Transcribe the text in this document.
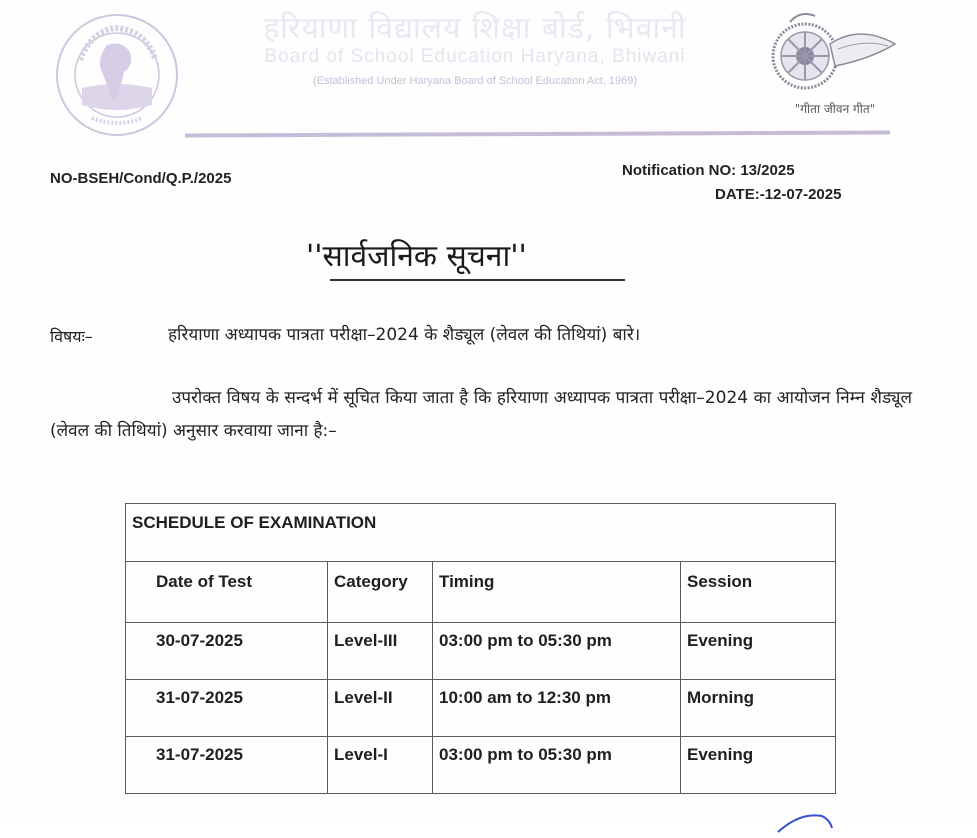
हरियाणा विद्यालय शिक्षा बोर्ड, भिवानी
Board of School Education Haryana, Bhiwani
(Established Under Haryana Board of School Education Act, 1969)
"गीता जीवन गीत"
NO-BSEH/Cond/Q.P./2025	Notification NO: 13/2025
DATE:-12-07-2025
''सार्वजनिक सूचना''
विषयः–	हरियाणा अध्यापक पात्रता परीक्षा–2024 के शैड्यूल (लेवल की तिथियां) बारे।
उपरोक्त विषय के सन्दर्भ में सूचित किया जाता है कि हरियाणा अध्यापक पात्रता परीक्षा–2024 का आयोजन निम्न शैड्यूल (लेवल की तिथियां) अनुसार करवाया जाना है:–
SCHEDULE OF EXAMINATION			
Date of Test	Category	Timing	Session
30-07-2025	Level-III	03:00 pm to 05:30 pm	Evening
31-07-2025	Level-II	10:00 am to 12:30 pm	Morning
31-07-2025	Level-I	03:00 pm to 05:30 pm	Evening
